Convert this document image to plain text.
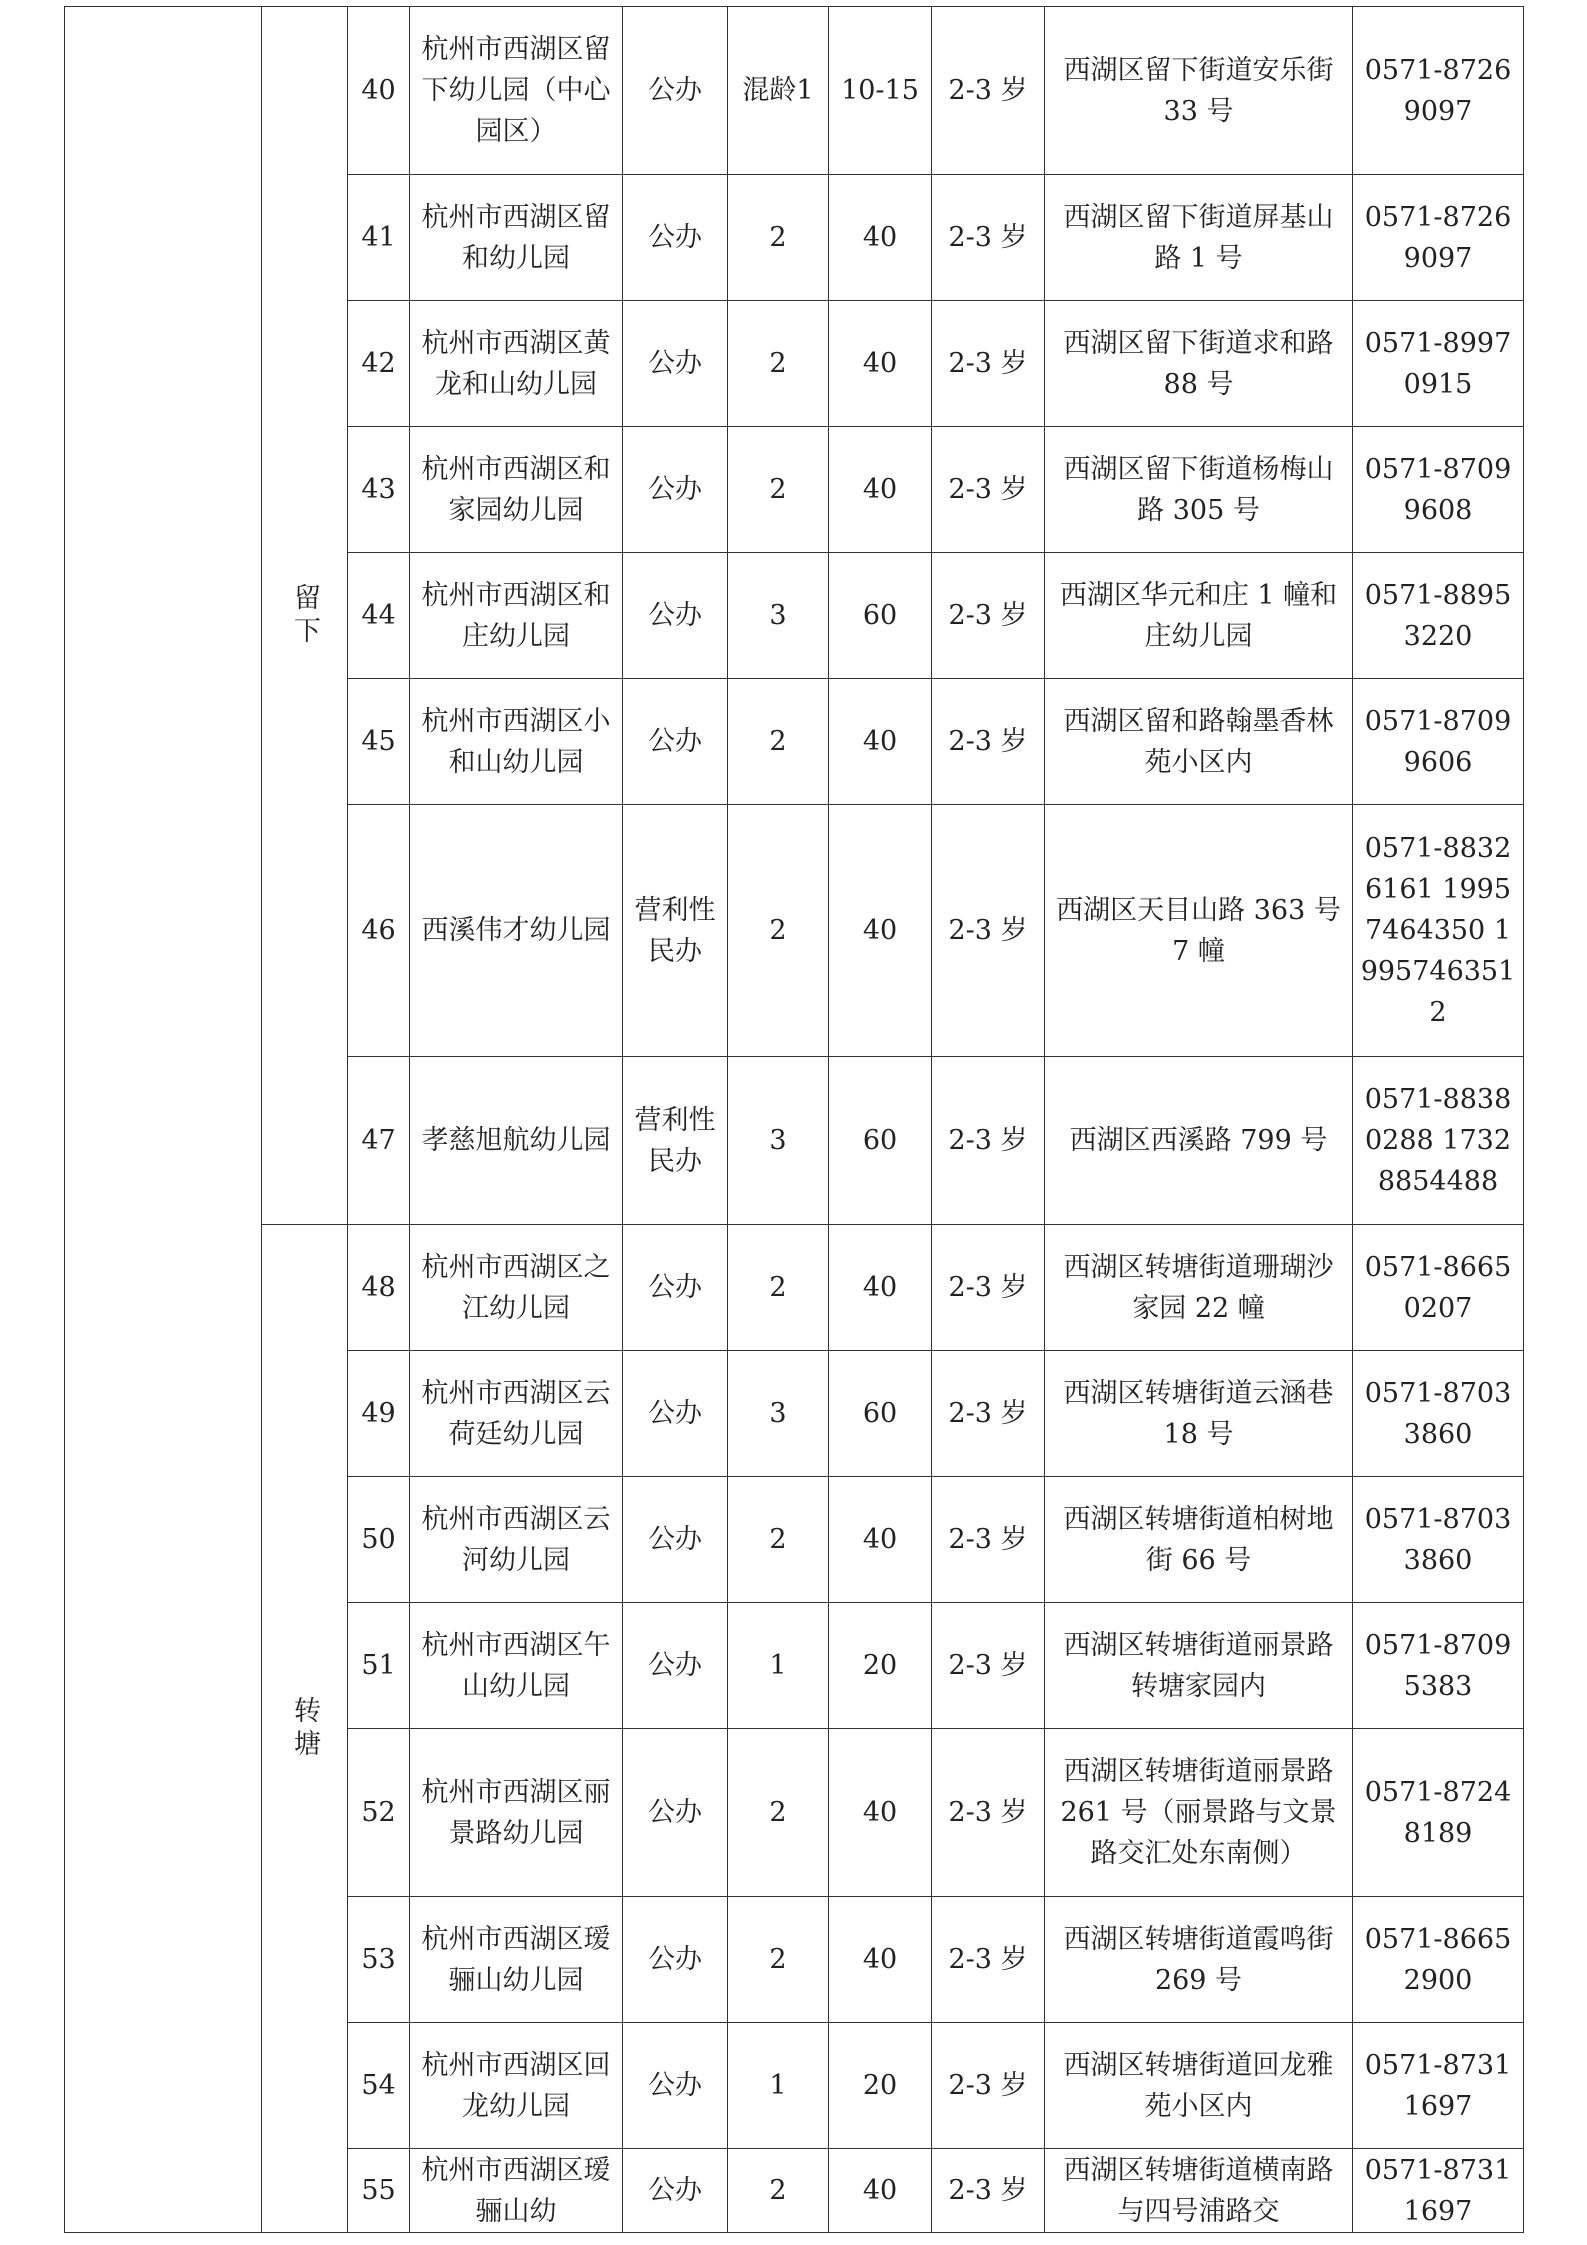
	留下	40	杭州市西湖区留下幼儿园（中心园区）	公办	混龄1	10-15	2-3 岁	西湖区留下街道安乐街 33 号	0571-87269097
		41	杭州市西湖区留和幼儿园	公办	2	40	2-3 岁	西湖区留下街道屏基山路 1 号	0571-87269097
		42	杭州市西湖区黄龙和山幼儿园	公办	2	40	2-3 岁	西湖区留下街道求和路 88 号	0571-89970915
		43	杭州市西湖区和家园幼儿园	公办	2	40	2-3 岁	西湖区留下街道杨梅山路 305 号	0571-87099608
		44	杭州市西湖区和庄幼儿园	公办	3	60	2-3 岁	西湖区华元和庄 1 幢和庄幼儿园	0571-88953220
		45	杭州市西湖区小和山幼儿园	公办	2	40	2-3 岁	西湖区留和路翰墨香林苑小区内	0571-87099606
		46	西溪伟才幼儿园	营利性民办	2	40	2-3 岁	西湖区天目山路 363 号 7 幢	0571-88326161 19957464350 19957463512
		47	孝慈旭航幼儿园	营利性民办	3	60	2-3 岁	西湖区西溪路 799 号	0571-88380288 17328854488
	转塘	48	杭州市西湖区之江幼儿园	公办	2	40	2-3 岁	西湖区转塘街道珊瑚沙家园 22 幢	0571-86650207
		49	杭州市西湖区云荷廷幼儿园	公办	3	60	2-3 岁	西湖区转塘街道云涵巷 18 号	0571-87033860
		50	杭州市西湖区云河幼儿园	公办	2	40	2-3 岁	西湖区转塘街道柏树地街 66 号	0571-87033860
		51	杭州市西湖区午山幼儿园	公办	1	20	2-3 岁	西湖区转塘街道丽景路转塘家园内	0571-87095383
		52	杭州市西湖区丽景路幼儿园	公办	2	40	2-3 岁	西湖区转塘街道丽景路 261 号（丽景路与文景路交汇处东南侧）	0571-87248189
		53	杭州市西湖区瑷骊山幼儿园	公办	2	40	2-3 岁	西湖区转塘街道霞鸣街 269 号	0571-86652900
		54	杭州市西湖区回龙幼儿园	公办	1	20	2-3 岁	西湖区转塘街道回龙雅苑小区内	0571-87311697
		55	杭州市西湖区瑷骊山幼	公办	2	40	2-3 岁	西湖区转塘街道横南路与四号浦路交	0571-87311697
